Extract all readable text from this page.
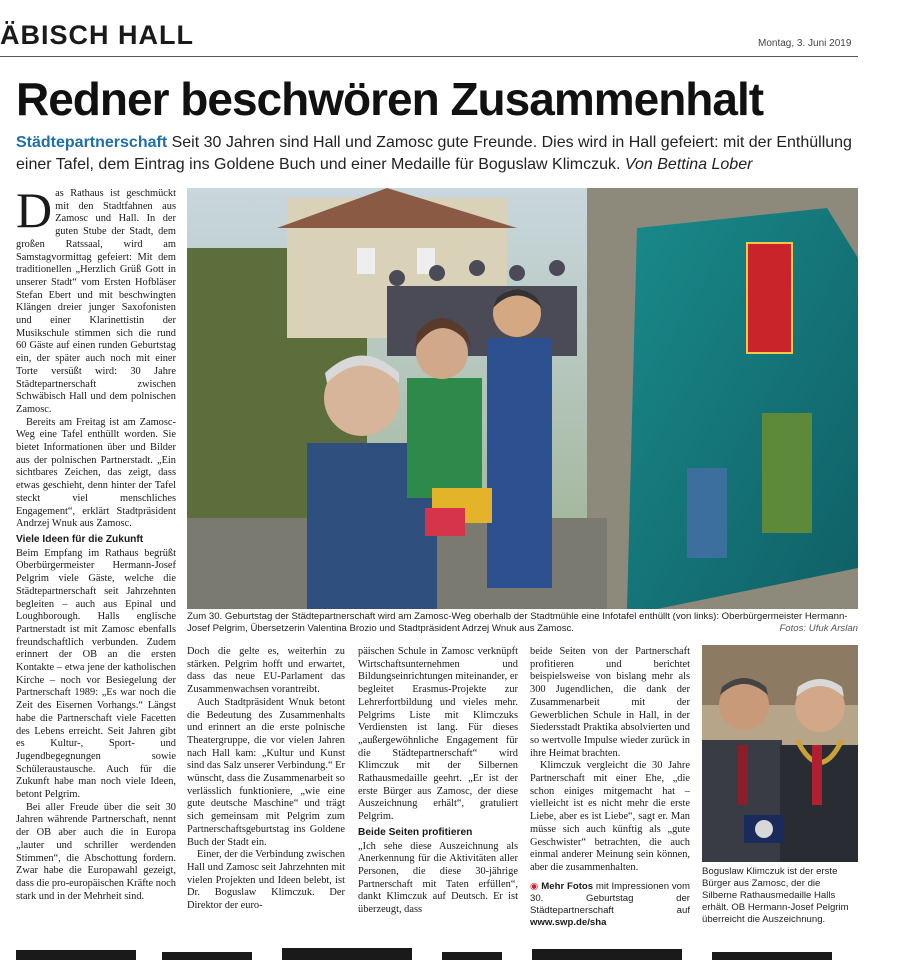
ÄBISCH HALL	Montag, 3. Juni 2019
Redner beschwören Zusammenhalt
Städtepartnerschaft Seit 30 Jahren sind Hall und Zamosc gute Freunde. Dies wird in Hall gefeiert: mit der Enthüllung einer Tafel, dem Eintrag ins Goldene Buch und einer Medaille für Boguslaw Klimczuk. Von Bettina Lober

Das Rathaus ist geschmückt mit den Stadtfahnen aus Zamosc und Hall. In der guten Stube der Stadt, dem großen Ratssaal, wird am Samstagvormittag gefeiert: Mit dem traditionellen „Herzlich Grüß Gott in unserer Stadt“ vom Ersten Hofbläser Stefan Ebert und mit beschwingten Klängen dreier junger Saxofonisten und einer Klarinettistin der Musikschule stimmen sich die rund 60 Gäste auf einen runden Geburtstag ein, der später auch noch mit einer Torte versüßt wird: 30 Jahre Städtepartnerschaft zwischen Schwäbisch Hall und dem polnischen Zamosc.

Bereits am Freitag ist am Zamosc-Weg eine Tafel enthüllt worden. Sie bietet Informationen über und Bilder aus der polnischen Partnerstadt. „Ein sichtbares Zeichen, das zeigt, dass etwas geschieht, denn hinter der Tafel steckt viel menschliches Engagement“, erklärt Stadtpräsident Andrzej Wnuk aus Zamosc.

Viele Ideen für die Zukunft

Beim Empfang im Rathaus begrüßt Oberbürgermeister Hermann-Josef Pelgrim viele Gäste, welche die Städtepartnerschaft seit Jahrzehnten begleiten – auch aus Epinal und Loughborough. Halls englische Partnerstadt ist mit Zamosc ebenfalls freundschaftlich verbunden. Zudem erinnert der OB an die ersten Kontakte – etwa jene der katholischen Kirche – noch vor Besiegelung der Partnerschaft 1989: „Es war noch die Zeit des Eisernen Vorhangs.“ Längst habe die Partnerschaft viele Facetten des Lebens erreicht. Seit Jahren gibt es Kultur-, Sport- und Jugendbegegnungen sowie Schüleraustausche. Auch für die Zukunft habe man noch viele Ideen, betont Pelgrim.

Bei aller Freude über die seit 30 Jahren währende Partnerschaft, nennt der OB aber auch die in Europa „lauter und schriller werdenden Stimmen“, die Abschottung fordern. Zwar habe die Europawahl gezeigt, dass die pro-europäischen Kräfte noch stark und in der Mehrheit sind.

Zum 30. Geburtstag der Städtepartnerschaft wird am Zamosc-Weg oberhalb der Stadtmühle eine Infotafel enthüllt (von links): Oberbürgermeister Hermann-Josef Pelgrim, Übersetzerin Valentina Brozio und Stadtpräsident Adrzej Wnuk aus Zamosc.	Fotos: Ufuk Arslan

Doch die gelte es, weiterhin zu stärken. Pelgrim hofft und erwartet, dass das neue EU-Parlament das Zusammenwachsen vorantreibt.

Auch Stadtpräsident Wnuk betont die Bedeutung des Zusammenhalts und erinnert an die erste polnische Theatergruppe, die vor vielen Jahren nach Hall kam: „Kultur und Kunst sind das Salz unserer Verbindung.“ Er wünscht, dass die Zusammenarbeit so verlässlich funktioniere, „wie eine gute deutsche Maschine“ und trägt sich gemeinsam mit Pelgrim zum Partnerschaftsgeburtstag ins Goldene Buch der Stadt ein.

Einer, der die Verbindung zwischen Hall und Zamosc seit Jahrzehnten mit vielen Projekten und Ideen belebt, ist Dr. Boguslaw Klimczuk. Der Direktor der euro-

päischen Schule in Zamosc verknüpft Wirtschaftsunternehmen und Bildungseinrichtungen miteinander, er begleitet Erasmus-Projekte zur Lehrerfortbildung und vieles mehr. Pelgrims Liste mit Klimczuks Verdiensten ist lang. Für dieses „außergewöhnliche Engagement für die Städtepartnerschaft“ wird Klimczuk mit der Silbernen Rathausmedaille geehrt. „Er ist der erste Bürger aus Zamosc, der diese Auszeichnung erhält“, gratuliert Pelgrim.

Beide Seiten profitieren

„Ich sehe diese Auszeichnung als Anerkennung für die Aktivitäten aller Personen, die diese 30-jährige Partnerschaft mit Taten erfüllen“, dankt Klimczuk auf Deutsch. Er ist überzeugt, dass

beide Seiten von der Partnerschaft profitieren und berichtet beispielsweise von bislang mehr als 300 Jugendlichen, die dank der Zusammenarbeit mit der Gewerblichen Schule in Hall, in der Siedersstadt Praktika absolvierten und so wertvolle Impulse wieder zurück in ihre Heimat brachten.

Klimczuk vergleicht die 30 Jahre Partnerschaft mit einer Ehe, „die schon einiges mitgemacht hat – vielleicht ist es nicht mehr die erste Liebe, aber es ist Liebe“, sagt er. Man müsse sich auch künftig als „gute Geschwister“ betrachten, die auch einmal anderer Meinung sein können, aber die zusammenhalten.

◉ Mehr Fotos mit Impressionen vom 30. Geburtstag der Städtepartnerschaft auf www.swp.de/sha
Boguslaw Klimczuk ist der erste Bürger aus Zamosc, der die Silberne Rathausmedaille Halls erhält. OB Hermann-Josef Pelgrim überreicht die Auszeichnung.
